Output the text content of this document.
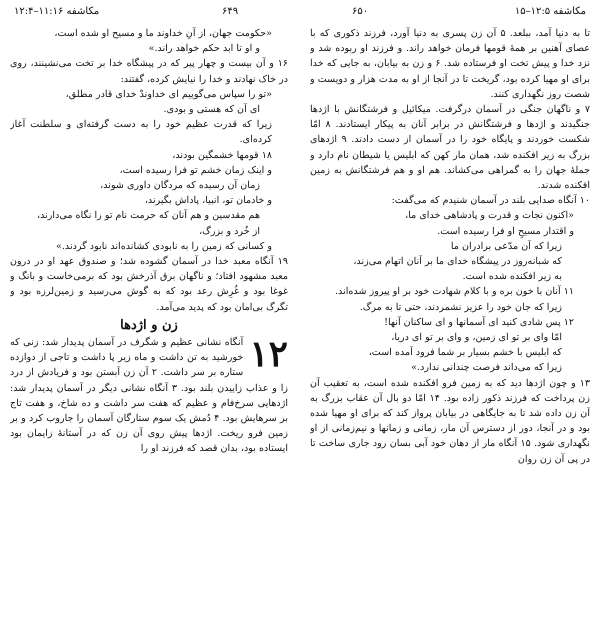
مکاشفه ۱۱:۱۶–۱۲:۴	۶۴۹	۶۵۰	مکاشفه ۱۲:۵–۱۵

«حکومت جهان، از آنِ خداوند ما و مسیح او شده است،

و او تا ابد حکم خواهد راند.»

۱۶ و آن بیست و چهار پیر که در پیشگاه خدا بر تخت می‌نشینند، روی در خاک نهادند و خدا را نیایش کرده، گفتند:

«تو را سپاس می‌گوییم ای خداوندْ خدای قادر مطلق،

ای آن که هستی و بودی.

زیرا که قدرت عظیم خود را به دست گرفته‌ای و سلطنت آغاز کرده‌ای.

۱۸ قومها خشمگین بودند،

و اینک زمان خشم تو فرا رسیده است،

زمان آن رسیده که مردگان داوری شوند،

و خادمان تو، انبیا، پاداش بگیرند،

هم مقدسین و هم آنان که حرمت نام تو را نگاه می‌دارند،

از خُرد و بزرگ،

و کسانی که زمین را به نابودی کشانده‌اند نابود گردند.»

۱۹ آنگاه معبد خدا در آسمان گشوده شد؛ و صندوق عهد او در درون معبد مشهود افتاد؛ و ناگهان برق آذرخش بود که برمی‌خاست و بانگ و غوغا بود و غُرِش رعد بود که به گوش می‌رسید و زمین‌لرزه بود و تگرگ بی‌امان بود که پدید می‌آمد.

زن و اژدها

۱۲
آنگاه نشانی عظیم و شگرف در آسمان پدیدار شد: زنی که خورشید به تن داشت و ماه زیر پا داشت و تاجی از دوازده ستاره بر سر داشت. ۲ آن زن آبستن بود و فریادش از درد زا و عذاب زاییدن بلند بود. ۳ آنگاه نشانی دیگر در آسمان پدیدار شد: اژدهایی سرخ‌فام و عظیم که هفت سر داشت و ده شاخ، و هفت تاج بر سرهایش بود. ۴ دُمش یک سوم ستارگان آسمان را جاروب کرد و بر زمین فرو ریخت. اژدها پیش روی آن زن که در آستانهٔ زایمان بود ایستاده بود، بدان قصد که فرزند او را

تا به دنیا آمد، ببلعد. ۵ آن زن پسری به دنیا آورد، فرزند ذکوری که با عصای آهنین بر همهٔ قومها فرمان خواهد راند. و فرزند او ربوده شد و نزد خدا و پیش تخت او فرستاده شد. ۶ و زن به بیابان، به جایی که خدا برای او مهیا کرده بود، گریخت تا در آنجا از او به مدت هزار و دویست و شصت روز نگهداری کنند.

۷ و ناگهان جنگی در آسمان درگرفت. میکائیل و فرشتگانش با اژدها جنگیدند و اژدها و فرشتگانش در برابر آنان به پیکار ایستادند. ۸ امّا شکست خوردند و پایگاه خود را در آسمان از دست دادند. ۹ اژدهای بزرگ به زیر افکنده شد، همان مار کهن که ابلیس یا شیطان نام دارد و جملهٔ جهان را به گمراهی می‌کشاند. هم او و هم فرشتگانش به زمین افکنده شدند.

۱۰ آنگاه صدایی بلند در آسمان شنیدم که می‌گفت:

«اکنون نجات و قدرت و پادشاهی خدای ما،

و اقتدار مسیحِ او فرا رسیده است.

زیرا که آن مدّعی برادران ما

که شبانه‌روز در پیشگاه خدای ما بر آنان اتهام می‌زند،

به زیر افکنده شده است.

۱۱ آنان با خون بره و با کلام شهادت خود بر او پیروز شده‌اند.

زیرا که جان خود را عزیز نشمردند، حتی تا به مرگ.

۱۲ پس شادی کنید ای آسمانها و ای ساکنان آنها!

امّا وای بر تو ای زمین، و وای بر تو ای دریا،

که ابلیس با خشم بسیار بر شما فرود آمده است،

زیرا که می‌داند فرصت چندانی ندارد.»

۱۳ و چون اژدها دید که به زمین فرو افکنده شده است، به تعقیب آن زن پرداخت که فرزند ذکور زاده بود. ۱۴ امّا دو بال آن عقاب بزرگ به آن زن داده شد تا به جایگاهی در بیابان پرواز کند که برای او مهیا شده بود و در آنجا، دور از دسترس آن مار، زمانی و زمانها و نیم‌زمانی از او نگهداری شود. ۱۵ آنگاه مار از دهان خود آبی بسان رود جاری ساخت تا در پی آن زن روان
